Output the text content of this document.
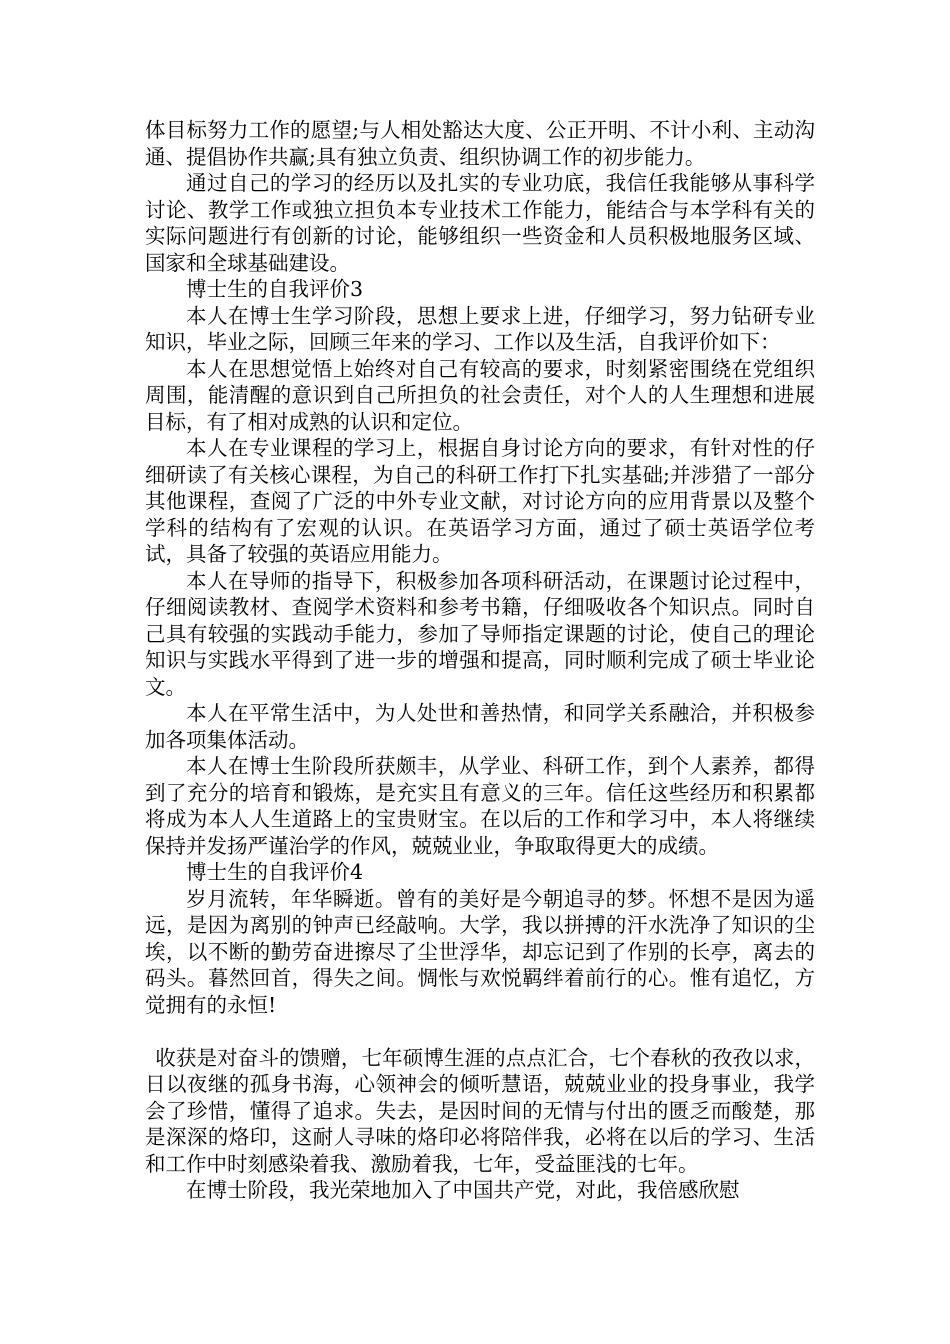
体目标努力工作的愿望;与人相处豁达大度、公正开明、不计小利、主动沟通、提倡协作共赢;具有独立负责、组织协调工作的初步能力。

通过自己的学习的经历以及扎实的专业功底，我信任我能够从事科学讨论、教学工作或独立担负本专业技术工作能力，能结合与本学科有关的实际问题进行有创新的讨论，能够组织一些资金和人员积极地服务区域、国家和全球基础建设。

博士生的自我评价3

本人在博士生学习阶段，思想上要求上进，仔细学习，努力钻研专业知识，毕业之际，回顾三年来的学习、工作以及生活，自我评价如下：

本人在思想觉悟上始终对自己有较高的要求，时刻紧密围绕在党组织周围，能清醒的意识到自己所担负的社会责任，对个人的人生理想和进展目标，有了相对成熟的认识和定位。

本人在专业课程的学习上，根据自身讨论方向的要求，有针对性的仔细研读了有关核心课程，为自己的科研工作打下扎实基础;并涉猎了一部分其他课程，查阅了广泛的中外专业文献，对讨论方向的应用背景以及整个学科的结构有了宏观的认识。在英语学习方面，通过了硕士英语学位考试，具备了较强的英语应用能力。

本人在导师的指导下，积极参加各项科研活动，在课题讨论过程中，仔细阅读教材、查阅学术资料和参考书籍，仔细吸收各个知识点。同时自己具有较强的实践动手能力，参加了导师指定课题的讨论，使自己的理论知识与实践水平得到了进一步的增强和提高，同时顺利完成了硕士毕业论文。

本人在平常生活中，为人处世和善热情，和同学关系融洽，并积极参加各项集体活动。

本人在博士生阶段所获颇丰，从学业、科研工作，到个人素养，都得到了充分的培育和锻炼，是充实且有意义的三年。信任这些经历和积累都将成为本人人生道路上的宝贵财宝。在以后的工作和学习中，本人将继续保持并发扬严谨治学的作风，兢兢业业，争取取得更大的成绩。

博士生的自我评价4

岁月流转，年华瞬逝。曾有的美好是今朝追寻的梦。怀想不是因为遥远，是因为离别的钟声已经敲响。大学，我以拼搏的汗水洗净了知识的尘埃，以不断的勤劳奋进擦尽了尘世浮华，却忘记到了作别的长亭，离去的码头。暮然回首，得失之间。惆怅与欢悦羁绊着前行的心。惟有追忆，方觉拥有的永恒!

收获是对奋斗的馈赠，七年硕博生涯的点点汇合，七个春秋的孜孜以求，日以夜继的孤身书海，心领神会的倾听慧语，兢兢业业的投身事业，我学会了珍惜，懂得了追求。失去，是因时间的无情与付出的匮乏而酸楚，那是深深的烙印，这耐人寻味的烙印必将陪伴我，必将在以后的学习、生活和工作中时刻感染着我、激励着我，七年，受益匪浅的七年。

在博士阶段，我光荣地加入了中国共产党，对此，我倍感欣慰
